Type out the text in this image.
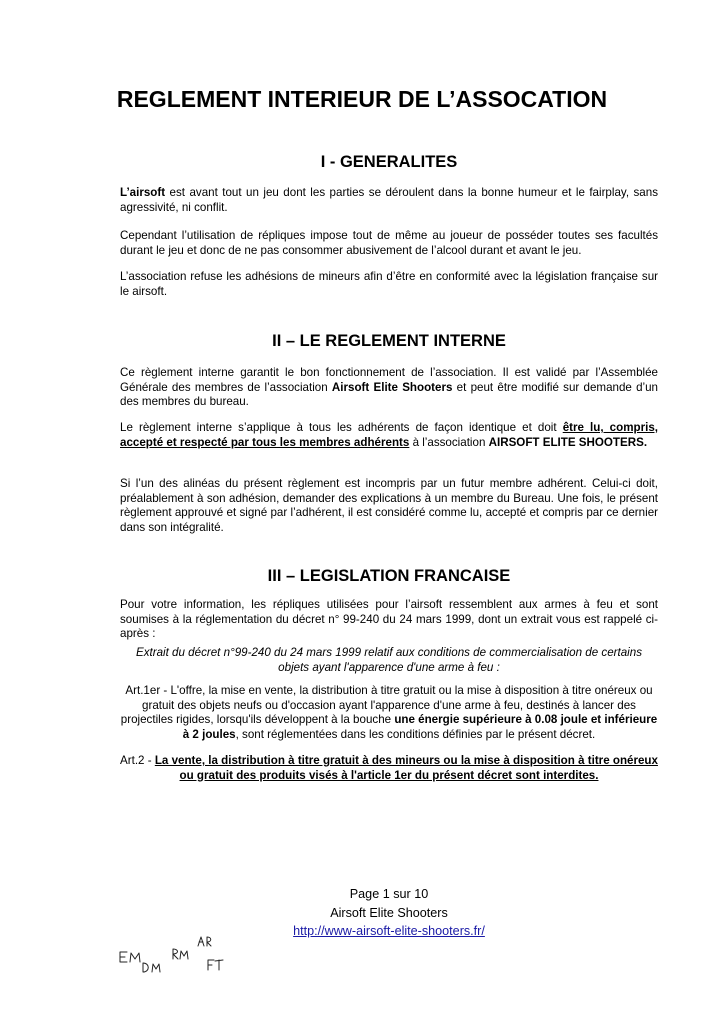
REGLEMENT INTERIEUR DE L’ASSOCATION
I - GENERALITES

L’airsoft est avant tout un jeu dont les parties se déroulent dans la bonne humeur et le fairplay, sans agressivité, ni conflit.

Cependant l’utilisation de répliques impose tout de même au joueur de posséder toutes ses facultés durant le jeu et donc de ne pas consommer abusivement de l’alcool durant et avant le jeu.

L’association refuse les adhésions de mineurs afin d’être en conformité avec la législation française sur le airsoft.

II – LE REGLEMENT INTERNE

Ce règlement interne garantit le bon fonctionnement de l’association. Il est validé par l’Assemblée Générale des membres de l’association Airsoft Elite Shooters et peut être modifié sur demande d’un des membres du bureau.

Le règlement interne s’applique à tous les adhérents de façon identique et doit être lu, compris, accepté et respecté par tous les membres adhérents à l’association AIRSOFT ELITE SHOOTERS.

Si l’un des alinéas du présent règlement est incompris par un futur membre adhérent. Celui-ci doit, préalablement à son adhésion, demander des explications à un membre du Bureau. Une fois, le présent règlement approuvé et signé par l’adhérent, il est considéré comme lu, accepté et compris par ce dernier dans son intégralité.

III – LEGISLATION FRANCAISE

Pour votre information, les répliques utilisées pour l’airsoft ressemblent aux armes à feu et sont soumises à la réglementation du décret n° 99-240 du 24 mars 1999, dont un extrait vous est rappelé ci-après :

Extrait du décret n°99-240 du 24 mars 1999 relatif aux conditions de commercialisation de certains objets ayant l'apparence d'une arme à feu :

Art.1er - L'offre, la mise en vente, la distribution à titre gratuit ou la mise à disposition à titre onéreux ou gratuit des objets neufs ou d'occasion ayant l'apparence d'une arme à feu, destinés à lancer des projectiles rigides, lorsqu'ils développent à la bouche une énergie supérieure à 0.08 joule et inférieure à 2 joules, sont réglementées dans les conditions définies par le présent décret.

Art.2 - La vente, la distribution à titre gratuit à des mineurs ou la mise à disposition à titre onéreux ou gratuit des produits visés à l'article 1er du présent décret sont interdites.

Page 1 sur 10

Airsoft Elite Shooters

http://www-airsoft-elite-shooters.fr/
